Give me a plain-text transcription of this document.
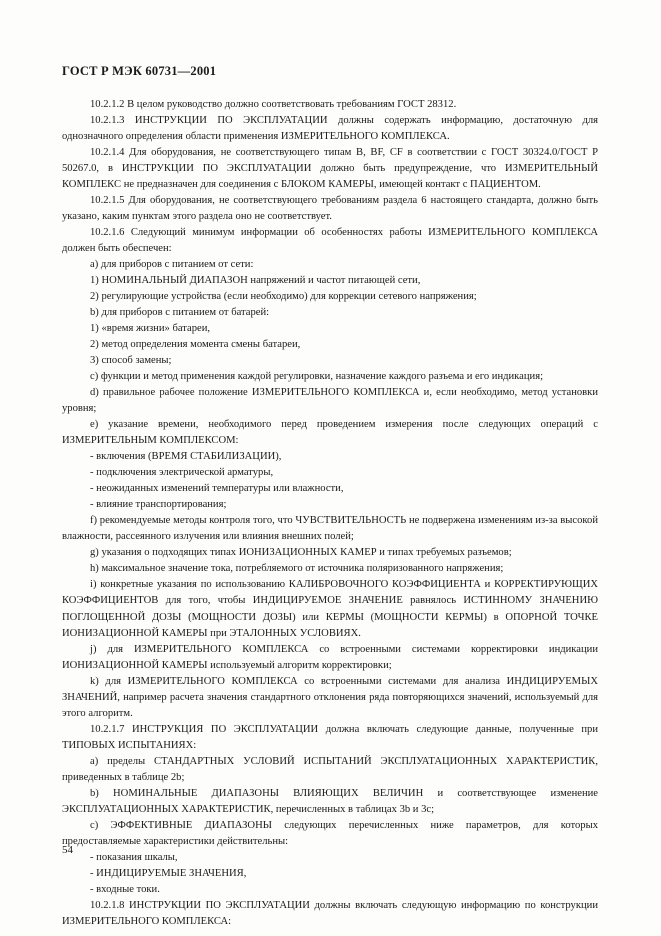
ГОСТ Р МЭК 60731—2001

10.2.1.2 В целом руководство должно соответствовать требованиям ГОСТ 28312.

10.2.1.3 ИНСТРУКЦИИ ПО ЭКСПЛУАТАЦИИ должны содержать информацию, достаточную для однозначного определения области применения ИЗМЕРИТЕЛЬНОГО КОМПЛЕКСА.

10.2.1.4 Для оборудования, не соответствующего типам B, BF, CF в соответствии с ГОСТ 30324.0/ГОСТ Р 50267.0, в ИНСТРУКЦИИ ПО ЭКСПЛУАТАЦИИ должно быть предупреждение, что ИЗМЕРИТЕЛЬНЫЙ КОМПЛЕКС не предназначен для соединения с БЛОКОМ КАМЕРЫ, имеющей контакт с ПАЦИЕНТОМ.

10.2.1.5 Для оборудования, не соответствующего требованиям раздела 6 настоящего стандарта, должно быть указано, каким пунктам этого раздела оно не соответствует.

10.2.1.6 Следующий минимум информации об особенностях работы ИЗМЕРИТЕЛЬНОГО КОМПЛЕКСА должен быть обеспечен:

а) для приборов с питанием от сети:

1) НОМИНАЛЬНЫЙ ДИАПАЗОН напряжений и частот питающей сети,

2) регулирующие устройства (если необходимо) для коррекции сетевого напряжения;

b) для приборов с питанием от батарей:

1) «время жизни» батареи,

2) метод определения момента смены батареи,

3) способ замены;

c) функции и метод применения каждой регулировки, назначение каждого разъема и его индикация;

d) правильное рабочее положение ИЗМЕРИТЕЛЬНОГО КОМПЛЕКСА и, если необходимо, метод установки уровня;

e) указание времени, необходимого перед проведением измерения после следующих операций с ИЗМЕРИТЕЛЬНЫМ КОМПЛЕКСОМ:

- включения (ВРЕМЯ СТАБИЛИЗАЦИИ),

- подключения электрической арматуры,

- неожиданных изменений температуры или влажности,

- влияние транспортирования;

f) рекомендуемые методы контроля того, что ЧУВСТВИТЕЛЬНОСТЬ не подвержена изменениям из-за высокой влажности, рассеянного излучения или влияния внешних полей;

g) указания о подходящих типах ИОНИЗАЦИОННЫХ КАМЕР и типах требуемых разъемов;

h) максимальное значение тока, потребляемого от источника поляризованного напряжения;

i) конкретные указания по использованию КАЛИБРОВОЧНОГО КОЭФФИЦИЕНТА и КОРРЕКТИРУЮЩИХ КОЭФФИЦИЕНТОВ для того, чтобы ИНДИЦИРУЕМОЕ ЗНАЧЕНИЕ равнялось ИСТИННОМУ ЗНАЧЕНИЮ ПОГЛОЩЕННОЙ ДОЗЫ (МОЩНОСТИ ДОЗЫ) или КЕРМЫ (МОЩНОСТИ КЕРМЫ) в ОПОРНОЙ ТОЧКЕ ИОНИЗАЦИОННОЙ КАМЕРЫ при ЭТАЛОННЫХ УСЛОВИЯХ.

j) для ИЗМЕРИТЕЛЬНОГО КОМПЛЕКСА со встроенными системами корректировки индикации ИОНИЗАЦИОННОЙ КАМЕРЫ используемый алгоритм корректировки;

k) для ИЗМЕРИТЕЛЬНОГО КОМПЛЕКСА со встроенными системами для анализа ИНДИЦИРУЕМЫХ ЗНАЧЕНИЙ, например расчета значения стандартного отклонения ряда повторяющихся значений, используемый для этого алгоритм.

10.2.1.7 ИНСТРУКЦИЯ ПО ЭКСПЛУАТАЦИИ должна включать следующие данные, полученные при ТИПОВЫХ ИСПЫТАНИЯХ:

а) пределы СТАНДАРТНЫХ УСЛОВИЙ ИСПЫТАНИЙ ЭКСПЛУАТАЦИОННЫХ ХАРАКТЕРИСТИК, приведенных в таблице 2b;

b) НОМИНАЛЬНЫЕ ДИАПАЗОНЫ ВЛИЯЮЩИХ ВЕЛИЧИН и соответствующее изменение ЭКСПЛУАТАЦИОННЫХ ХАРАКТЕРИСТИК, перечисленных в таблицах 3b и 3c;

c) ЭФФЕКТИВНЫЕ ДИАПАЗОНЫ следующих перечисленных ниже параметров, для которых предоставляемые характеристики действительны:

- показания шкалы,

- ИНДИЦИРУЕМЫЕ ЗНАЧЕНИЯ,

- входные токи.

10.2.1.8 ИНСТРУКЦИИ ПО ЭКСПЛУАТАЦИИ должны включать следующую информацию по конструкции ИЗМЕРИТЕЛЬНОГО КОМПЛЕКСА:

54
